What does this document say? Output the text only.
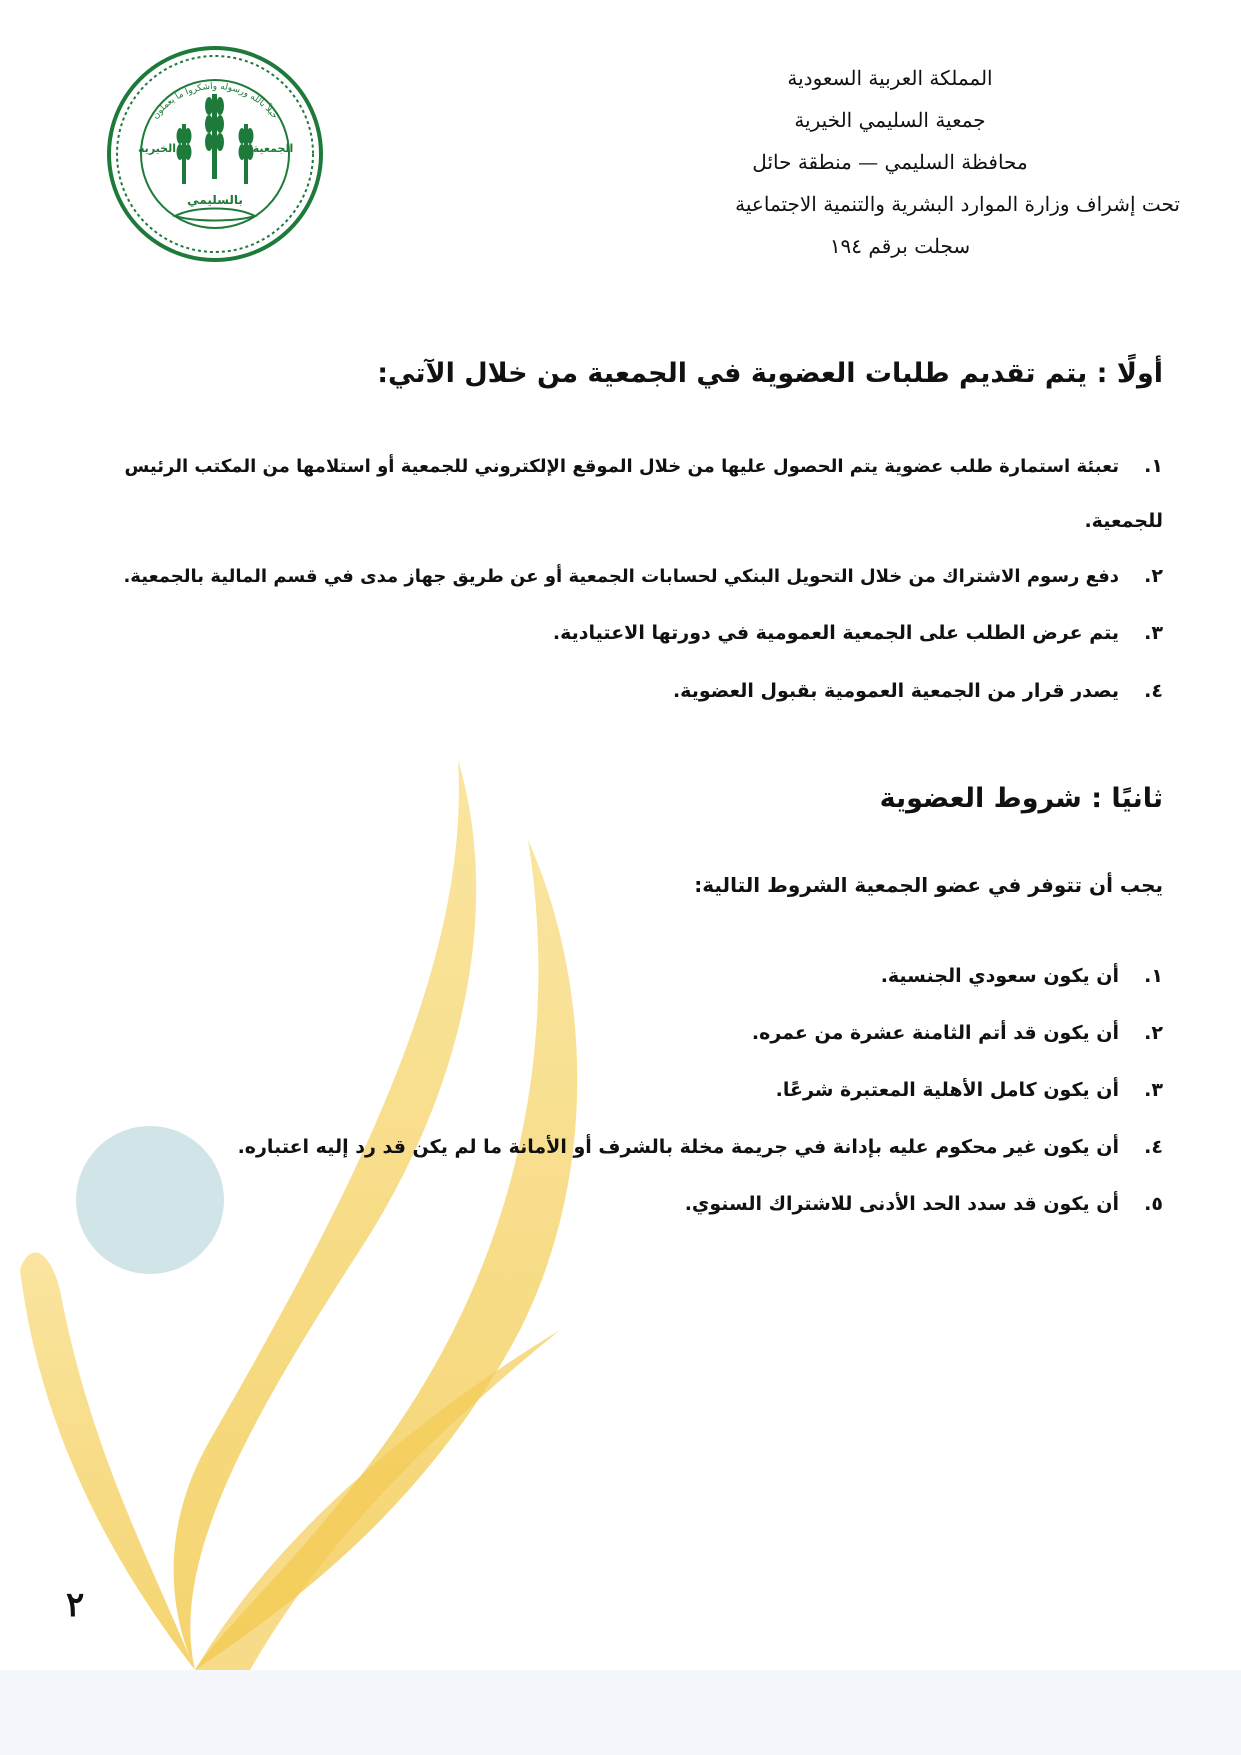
حبلاً بالله ورسوله واشكروا ما يعملون
الجمعية
الخيرية
بالسليمي
المملكة العربية السعودية
جمعية السليمي الخيرية
محافظة السليمي — منطقة حائل
تحت إشراف وزارة الموارد البشرية والتنمية الاجتماعية
سجلت برقم ١٩٤
أولًا : يتم تقديم طلبات العضوية في الجمعية من خلال الآتي:
١.تعبئة استمارة طلب عضوية يتم الحصول عليها من خلال الموقع الإلكتروني للجمعية أو استلامها من المكتب الرئيس
للجمعية.
٢.دفع رسوم الاشتراك من خلال التحويل البنكي لحسابات الجمعية أو عن طريق جهاز مدى في قسم المالية بالجمعية.
٣.يتم عرض الطلب على الجمعية العمومية في دورتها الاعتيادية.
٤.يصدر قرار من الجمعية العمومية بقبول العضوية.
ثانيًا : شروط العضوية
يجب أن تتوفر في عضو الجمعية الشروط التالية:
١.أن يكون سعودي الجنسية.
٢.أن يكون قد أتم الثامنة عشرة من عمره.
٣.أن يكون كامل الأهلية المعتبرة شرعًا.
٤.أن يكون غير محكوم عليه بإدانة في جريمة مخلة بالشرف أو الأمانة ما لم يكن قد رد إليه اعتباره.
٥.أن يكون قد سدد الحد الأدنى للاشتراك السنوي.
٢
